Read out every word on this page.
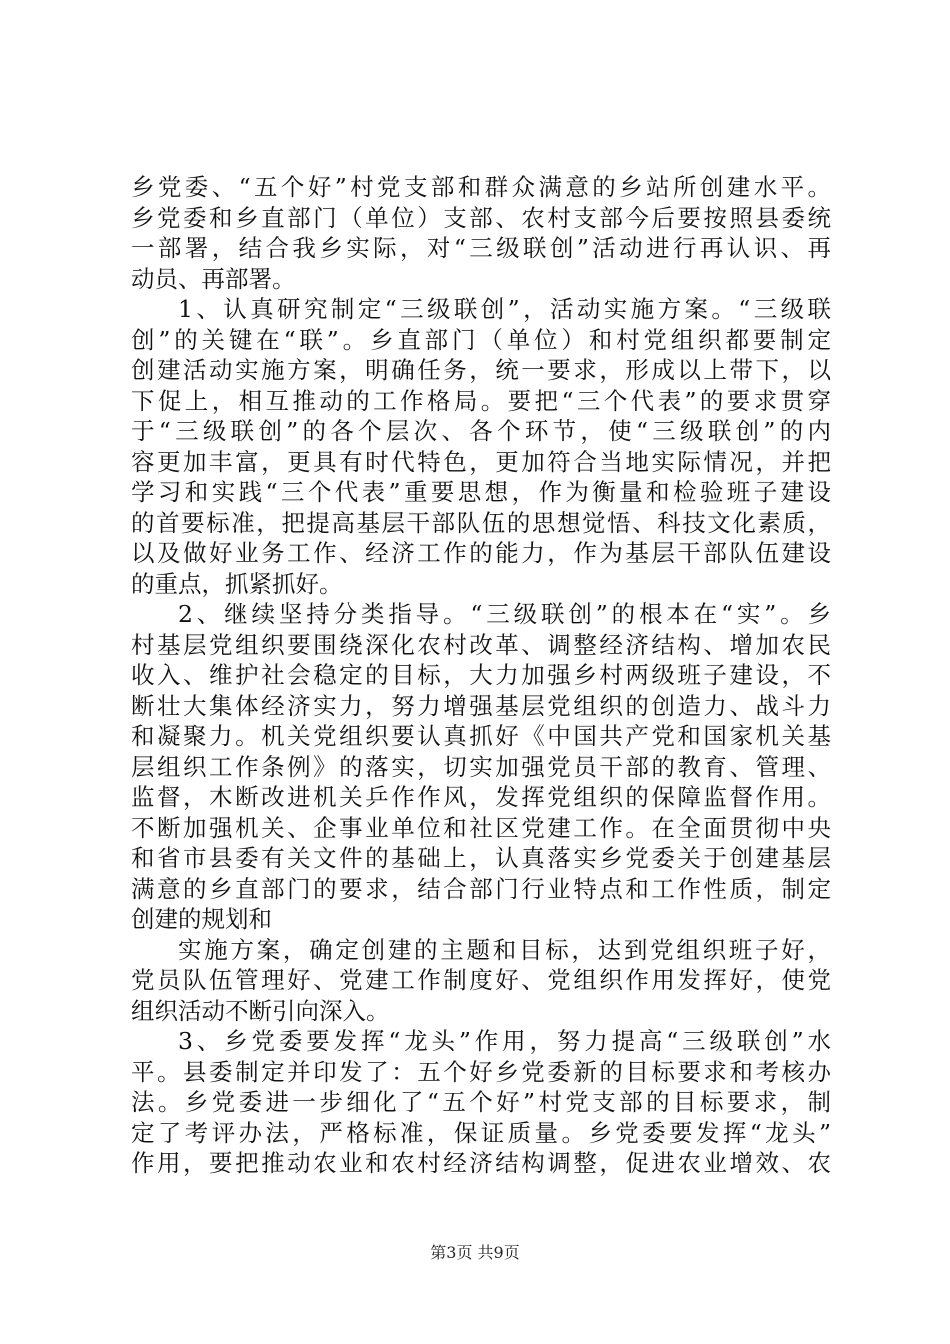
乡党委、“五个好”村党支部和群众满意的乡站所创建水平。
乡党委和乡直部门（单位）支部、农村支部今后要按照县委统
一部署，结合我乡实际，对“三级联创”活动进行再认识、再
动员、再部署。
1、认真研究制定“三级联创”，活动实施方案。“三级联
创”的关键在“联”。乡直部门（单位）和村党组织都要制定
创建活动实施方案，明确任务，统一要求，形成以上带下，以
下促上，相互推动的工作格局。要把“三个代表”的要求贯穿
于“三级联创”的各个层次、各个环节，使“三级联创”的内
容更加丰富，更具有时代特色，更加符合当地实际情况，并把
学习和实践“三个代表”重要思想，作为衡量和检验班子建设
的首要标准，把提高基层干部队伍的思想觉悟、科技文化素质，
以及做好业务工作、经济工作的能力，作为基层干部队伍建设
的重点，抓紧抓好。
2、继续坚持分类指导。“三级联创”的根本在“实”。乡
村基层党组织要围绕深化农村改革、调整经济结构、增加农民
收入、维护社会稳定的目标，大力加强乡村两级班子建设，不
断壮大集体经济实力，努力增强基层党组织的创造力、战斗力
和凝聚力。机关党组织要认真抓好《中国共产党和国家机关基
层组织工作条例》的落实，切实加强党员干部的教育、管理、
监督，木断改进机关乒作作风，发挥党组织的保障监督作用。
不断加强机关、企事业单位和社区党建工作。在全面贯彻中央
和省市县委有关文件的基础上，认真落实乡党委关于创建基层
满意的乡直部门的要求，结合部门行业特点和工作性质，制定
创建的规划和
实施方案，确定创建的主题和目标，达到党组织班子好，
党员队伍管理好、党建工作制度好、党组织作用发挥好，使党
组织活动不断引向深入。
3、乡党委要发挥“龙头”作用，努力提高“三级联创”水
平。县委制定并印发了：五个好乡党委新的目标要求和考核办
法。乡党委进一步细化了“五个好”村党支部的目标要求，制
定了考评办法，严格标准，保证质量。乡党委要发挥“龙头”
作用，要把推动农业和农村经济结构调整，促进农业增效、农
第3页 共9页
